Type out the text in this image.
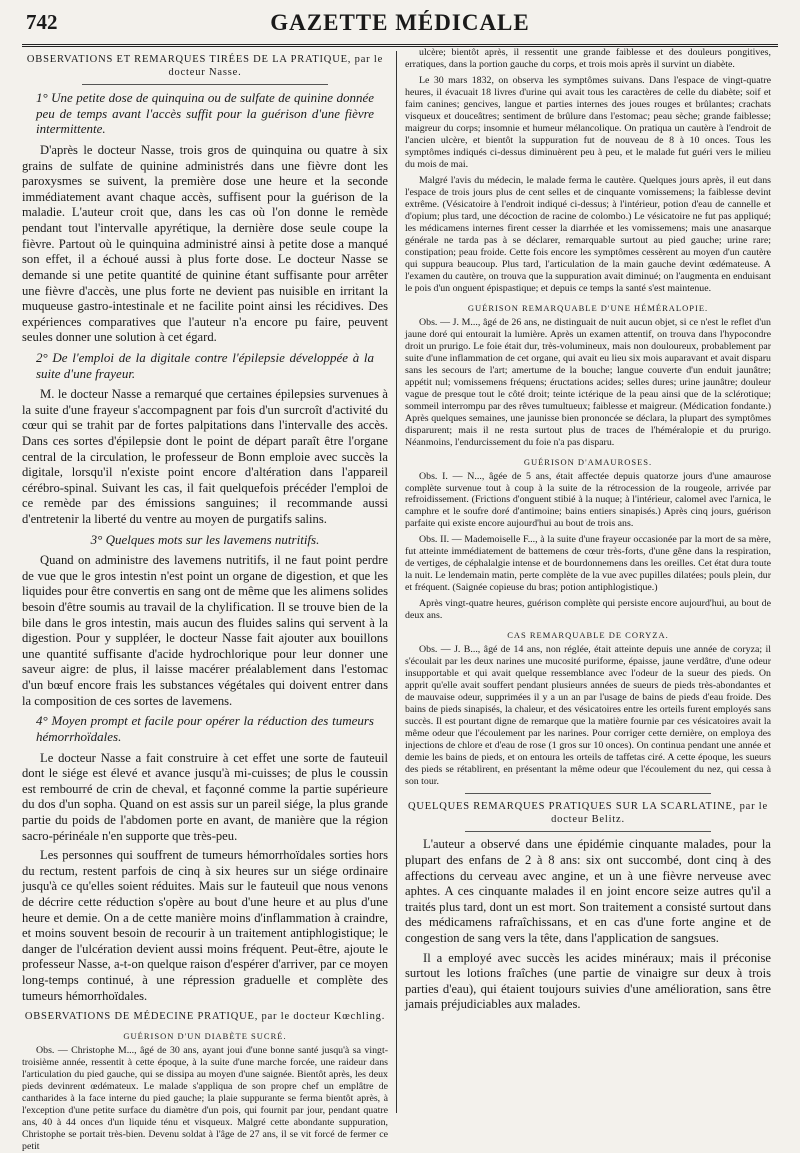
742	GAZETTE MÉDICALE
OBSERVATIONS ET REMARQUES TIRÉES DE LA PRATIQUE, par le docteur Nasse.
1° Une petite dose de quinquina ou de sulfate de quinine donnée peu de temps avant l'accès suffit pour la guérison d'une fièvre intermittente.

D'après le docteur Nasse, trois gros de quinquina ou quatre à six grains de sulfate de quinine administrés dans une fièvre dont les paroxysmes se suivent, la première dose une heure et la seconde immédiatement avant chaque accès, suffisent pour la guérison de la maladie. L'auteur croit que, dans les cas où l'on donne le remède pendant tout l'intervalle apyrétique, la dernière dose seule coupe la fièvre. Partout où le quinquina administré ainsi à petite dose a manqué son effet, il a échoué aussi à plus forte dose. Le docteur Nasse se demande si une petite quantité de quinine étant suffisante pour arrêter une fièvre d'accès, une plus forte ne devient pas nuisible en irritant la muqueuse gastro-intestinale et ne facilite point ainsi les récidives. Des expériences comparatives que l'auteur n'a encore pu faire, peuvent seules donner une solution à cet égard.

2° De l'emploi de la digitale contre l'épilepsie développée à la suite d'une frayeur.

M. le docteur Nasse a remarqué que certaines épilepsies survenues à la suite d'une frayeur s'accompagnent par fois d'un surcroît d'activité du cœur qui se trahit par de fortes palpitations dans l'intervalle des accès. Dans ces sortes d'épilepsie dont le point de départ paraît être l'organe central de la circulation, le professeur de Bonn emploie avec succès la digitale, lorsqu'il n'existe point encore d'altération dans l'appareil cérébro-spinal. Suivant les cas, il fait quelquefois précéder l'emploi de ce remède par des émissions sanguines; il recommande aussi d'entretenir la liberté du ventre au moyen de purgatifs salins.

3° Quelques mots sur les lavemens nutritifs.

Quand on administre des lavemens nutritifs, il ne faut point perdre de vue que le gros intestin n'est point un organe de digestion, et que les liquides pour être convertis en sang ont de même que les alimens solides besoin d'être soumis au travail de la chylification. Il se trouve bien de la bile dans le gros intestin, mais aucun des fluides salins qui servent à la digestion. Pour y suppléer, le docteur Nasse fait ajouter aux bouillons une quantité suffisante d'acide hydrochlorique pour leur donner une saveur aigre: de plus, il laisse macérer préalablement dans l'estomac d'un bœuf encore frais les substances végétales qui doivent entrer dans la composition de ces sortes de lavemens.

4° Moyen prompt et facile pour opérer la réduction des tumeurs hémorrhoïdales.

Le docteur Nasse a fait construire à cet effet une sorte de fauteuil dont le siége est élevé et avance jusqu'à mi-cuisses; de plus le coussin est rembourré de crin de cheval, et façonné comme la partie supérieure du dos d'un sopha. Quand on est assis sur un pareil siége, la plus grande partie du poids de l'abdomen porte en avant, de manière que la région sacro-périnéale n'en supporte que très-peu.

Les personnes qui souffrent de tumeurs hémorrhoïdales sorties hors du rectum, restent parfois de cinq à six heures sur un siége ordinaire jusqu'à ce qu'elles soient réduites. Mais sur le fauteuil que nous venons de décrire cette réduction s'opère au bout d'une heure et au plus d'une heure et demie. On a de cette manière moins d'inflammation à craindre, et moins souvent besoin de recourir à un traitement antiphlogistique; le danger de l'ulcération devient aussi moins fréquent. Peut-être, ajoute le professeur Nasse, a-t-on quelque raison d'espérer d'arriver, par ce moyen long-temps continué, à une répression graduelle et complète des tumeurs hémorrhoïdales.

OBSERVATIONS DE MÉDECINE PRATIQUE, par le docteur Kœchling.
GUÉRISON D'UN DIABÈTE SUCRÉ.

Obs. — Christophe M..., âgé de 30 ans, ayant joui d'une bonne santé jusqu'à sa vingt-troisième année, ressentit à cette époque, à la suite d'une marche forcée, une raideur dans l'articulation du pied gauche, qui se dissipa au moyen d'une saignée. Bientôt après, les deux pieds devinrent œdémateux. Le malade s'appliqua de son propre chef un emplâtre de cantharides à la face interne du pied gauche; la plaie suppurante se ferma bientôt après, à l'exception d'une petite surface du diamètre d'un pois, qui fournit par jour, pendant quatre ans, 40 à 44 onces d'un liquide ténu et visqueux. Malgré cette abondante suppuration, Christophe se portait très-bien. Devenu soldat à l'âge de 27 ans, il se vit forcé de fermer ce petit

ulcère; bientôt après, il ressentit une grande faiblesse et des douleurs pongitives, erratiques, dans la portion gauche du corps, et trois mois après il survint un diabète.

Le 30 mars 1832, on observa les symptômes suivans. Dans l'espace de vingt-quatre heures, il évacuait 18 livres d'urine qui avait tous les caractères de celle du diabète; soif et faim canines; gencives, langue et parties internes des joues rouges et brûlantes; crachats visqueux et douceâtres; sentiment de brûlure dans l'estomac; peau sèche; grande faiblesse; maigreur du corps; insomnie et humeur mélancolique. On pratiqua un cautère à l'endroit de l'ancien ulcère, et bientôt la suppuration fut de nouveau de 8 à 10 onces. Tous les symptômes indiqués ci-dessus diminuèrent peu à peu, et le malade fut guéri vers le milieu du mois de mai.

Malgré l'avis du médecin, le malade ferma le cautère. Quelques jours après, il eut dans l'espace de trois jours plus de cent selles et de cinquante vomissemens; la faiblesse devint extrême. (Vésicatoire à l'endroit indiqué ci-dessus; à l'intérieur, potion d'eau de cannelle et d'opium; plus tard, une décoction de racine de colombo.) Le vésicatoire ne fut pas appliqué; les médicamens internes firent cesser la diarrhée et les vomissemens; mais une anasarque générale ne tarda pas à se déclarer, remarquable surtout au pied gauche; urine rare; constipation; peau froide. Cette fois encore les symptômes cessèrent au moyen d'un cautère qui suppura beaucoup. Plus tard, l'articulation de la main gauche devint œdémateuse. A l'examen du cautère, on trouva que la suppuration avait diminué; on l'augmenta en enduisant le pois d'un onguent épispastique; et depuis ce temps la santé s'est maintenue.

GUÉRISON REMARQUABLE D'UNE HÉMÉRALOPIE.

Obs. — J. M..., âgé de 26 ans, ne distinguait de nuit aucun objet, si ce n'est le reflet d'un jaune doré qui entourait la lumière. Après un examen attentif, on trouva dans l'hypocondre droit un prurigo. Le foie était dur, très-volumineux, mais non douloureux, probablement par suite d'une inflammation de cet organe, qui avait eu lieu six mois auparavant et avait disparu sans les secours de l'art; amertume de la bouche; langue couverte d'un enduit jaunâtre; appétit nul; vomissemens fréquens; éructations acides; selles dures; urine jaunâtre; douleur vague de presque tout le côté droit; teinte ictérique de la peau ainsi que de la sclérotique; sommeil interrompu par des rêves tumultueux; faiblesse et maigreur. (Médication fondante.) Après quelques semaines, une jaunisse bien prononcée se déclara, la plupart des symptômes disparurent; mais il ne resta surtout plus de traces de l'héméralopie et du prurigo. Néanmoins, l'endurcissement du foie n'a pas disparu.

GUÉRISON D'AMAUROSES.

Obs. I. — N..., âgée de 5 ans, était affectée depuis quatorze jours d'une amaurose complète survenue tout à coup à la suite de la rétrocession de la rougeole, arrivée par refroidissement. (Frictions d'onguent stibié à la nuque; à l'intérieur, calomel avec l'arnica, le camphre et le soufre doré d'antimoine; bains entiers sinapisés.) Après cinq jours, guérison parfaite qui existe encore aujourd'hui au bout de trois ans.

Obs. II. — Mademoiselle F..., à la suite d'une frayeur occasionée par la mort de sa mère, fut atteinte immédiatement de battemens de cœur très-forts, d'une gêne dans la respiration, de vertiges, de céphalalgie intense et de bourdonnemens dans les oreilles. Cet état dura toute la nuit. Le lendemain matin, perte complète de la vue avec pupilles dilatées; pouls plein, dur et fréquent. (Saignée copieuse du bras; potion antiphlogistique.)

Après vingt-quatre heures, guérison complète qui persiste encore aujourd'hui, au bout de deux ans.

CAS REMARQUABLE DE CORYZA.

Obs. — J. B..., âgé de 14 ans, non réglée, était atteinte depuis une année de coryza; il s'écoulait par les deux narines une mucosité puriforme, épaisse, jaune verdâtre, d'une odeur insupportable et qui avait quelque ressemblance avec l'odeur de la sueur des pieds. On apprit qu'elle avait souffert pendant plusieurs années de sueurs de pieds très-abondantes et de mauvaise odeur, supprimées il y a un an par l'usage de bains de pieds d'eau froide. Des bains de pieds sinapisés, la chaleur, et des vésicatoires entre les orteils furent employés sans succès. Il est pourtant digne de remarque que la matière fournie par ces vésicatoires avait la même odeur que l'écoulement par les narines. Pour corriger cette dernière, on employa des injections de chlore et d'eau de rose (1 gros sur 10 onces). On continua pendant une année et demie les bains de pieds, et on entoura les orteils de taffetas ciré. A cette époque, les sueurs des pieds se rétablirent, en présentant la même odeur que l'écoulement du nez, qui cessa à son tour.

QUELQUES REMARQUES PRATIQUES SUR LA SCARLATINE, par le docteur Belitz.

L'auteur a observé dans une épidémie cinquante malades, pour la plupart des enfans de 2 à 8 ans: six ont succombé, dont cinq à des affections du cerveau avec angine, et un à une fièvre nerveuse avec aphtes. A ces cinquante malades il en joint encore seize autres qu'il a traités plus tard, dont un est mort. Son traitement a consisté surtout dans des médicamens rafraîchissans, et en cas d'une forte angine et de congestion de sang vers la tête, dans l'application de sangsues.

Il a employé avec succès les acides minéraux; mais il préconise surtout les lotions fraîches (une partie de vinaigre sur deux à trois parties d'eau), qui étaient toujours suivies d'une amélioration, sans être jamais préjudiciables aux malades.
